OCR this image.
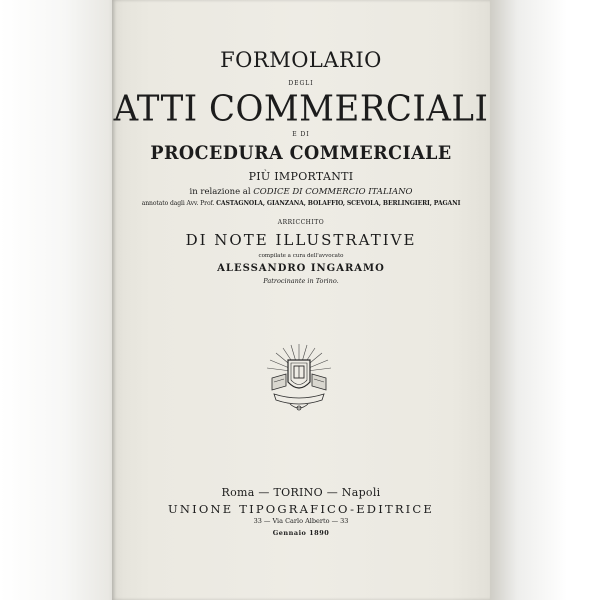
FORMOLARIO
DEGLI
ATTI COMMERCIALI
E DI
PROCEDURA COMMERCIALE
PIÙ IMPORTANTI
in relazione al CODICE DI COMMERCIO ITALIANO
annotato dagli Avv. Prof. CASTAGNOLA, GIANZANA, BOLAFFIO, SCEVOLA, BERLINGIERI, PAGANI
ARRICCHITO
DI NOTE ILLUSTRATIVE
compilate a cura dell'avvocato
ALESSANDRO INGARAMO
Patrocinante in Torino.
Roma — TORINO — Napoli
UNIONE TIPOGRAFICO-EDITRICE
33 — Via Carlo Alberto — 33
Gennaio 1890
